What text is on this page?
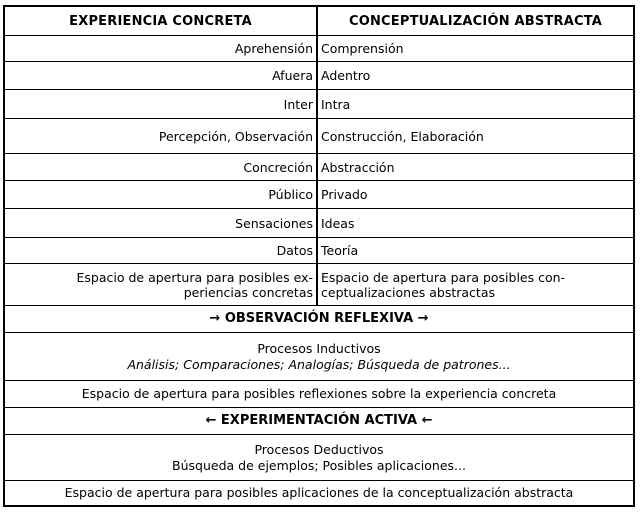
EXPERIENCIA CONCRETA	CONCEPTUALIZACIÓN ABSTRACTA
Aprehensión Comprensión
Afuera Adentro
Inter Intra
Percepción, Observación Construcción, Elaboración
Concreción Abstracción
Público Privado
Sensaciones Ideas
Datos Teoría
Espacio de apertura para posibles ex-
periencias concretas
Espacio de apertura para posibles con-
ceptualizaciones abstractas
→ OBSERVACIÓN REFLEXIVA →
Procesos Inductivos
Análisis; Comparaciones; Analogías; Búsqueda de patrones...
Espacio de apertura para posibles reflexiones sobre la experiencia concreta
← EXPERIMENTACIÓN ACTIVA ←
Procesos Deductivos
Búsqueda de ejemplos; Posibles aplicaciones...
Espacio de apertura para posibles aplicaciones de la conceptualización abstracta
